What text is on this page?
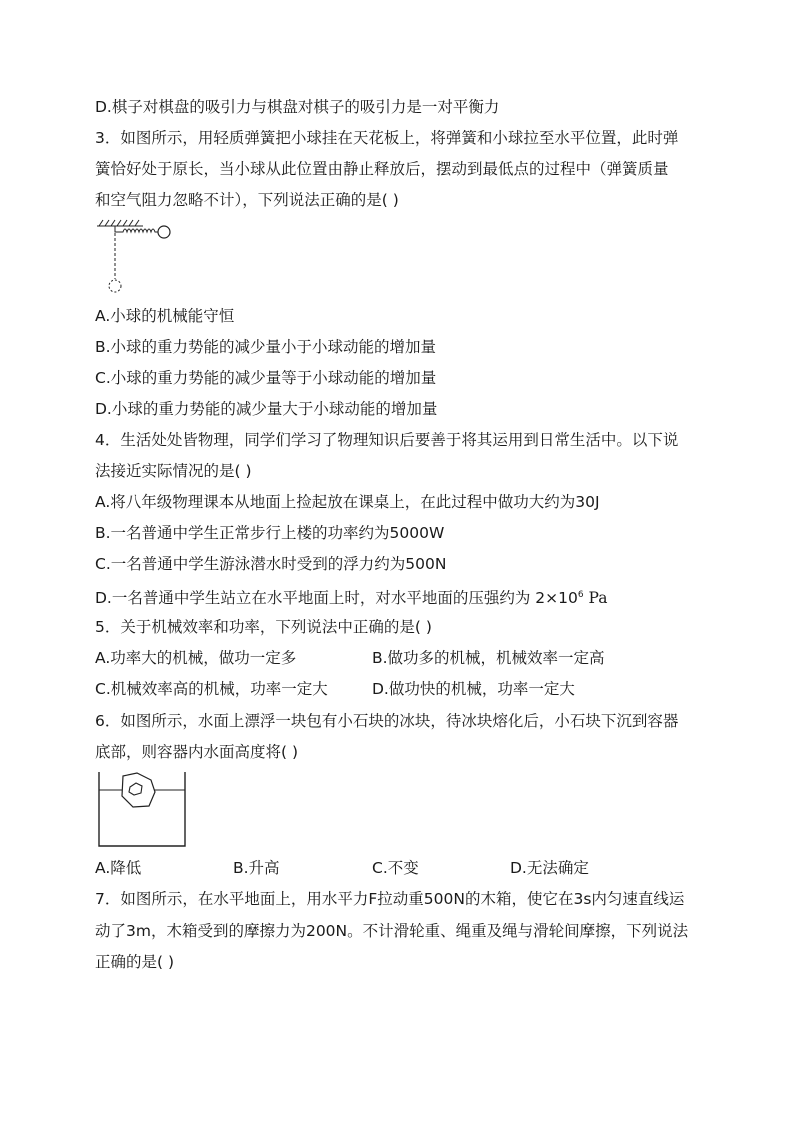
D.棋子对棋盘的吸引力与棋盘对棋子的吸引力是一对平衡力
3．如图所示，用轻质弹簧把小球挂在天花板上，将弹簧和小球拉至水平位置，此时弹
簧恰好处于原长，当小球从此位置由静止释放后，摆动到最低点的过程中（弹簧质量
和空气阻力忽略不计），下列说法正确的是( )
A.小球的机械能守恒
B.小球的重力势能的减少量小于小球动能的增加量
C.小球的重力势能的减少量等于小球动能的增加量
D.小球的重力势能的减少量大于小球动能的增加量
4．生活处处皆物理，同学们学习了物理知识后要善于将其运用到日常生活中。以下说
法接近实际情况的是( )
A.将八年级物理课本从地面上捡起放在课桌上，在此过程中做功大约为30J
B.一名普通中学生正常步行上楼的功率约为5000W
C.一名普通中学生游泳潜水时受到的浮力约为500N
D.一名普通中学生站立在水平地面上时，对水平地面的压强约为 $2\times 10^6$ Pa
5．关于机械效率和功率，下列说法中正确的是( )
A.功率大的机械，做功一定多	B.做功多的机械，机械效率一定高
C.机械效率高的机械，功率一定大	D.做功快的机械，功率一定大
6．如图所示，水面上漂浮一块包有小石块的冰块，待冰块熔化后，小石块下沉到容器
底部，则容器内水面高度将( )
A.降低	B.升高	C.不变	D.无法确定
7．如图所示，在水平地面上，用水平力F拉动重500N的木箱，使它在3s内匀速直线运
动了3m，木箱受到的摩擦力为200N。不计滑轮重、绳重及绳与滑轮间摩擦，下列说法
正确的是( )
